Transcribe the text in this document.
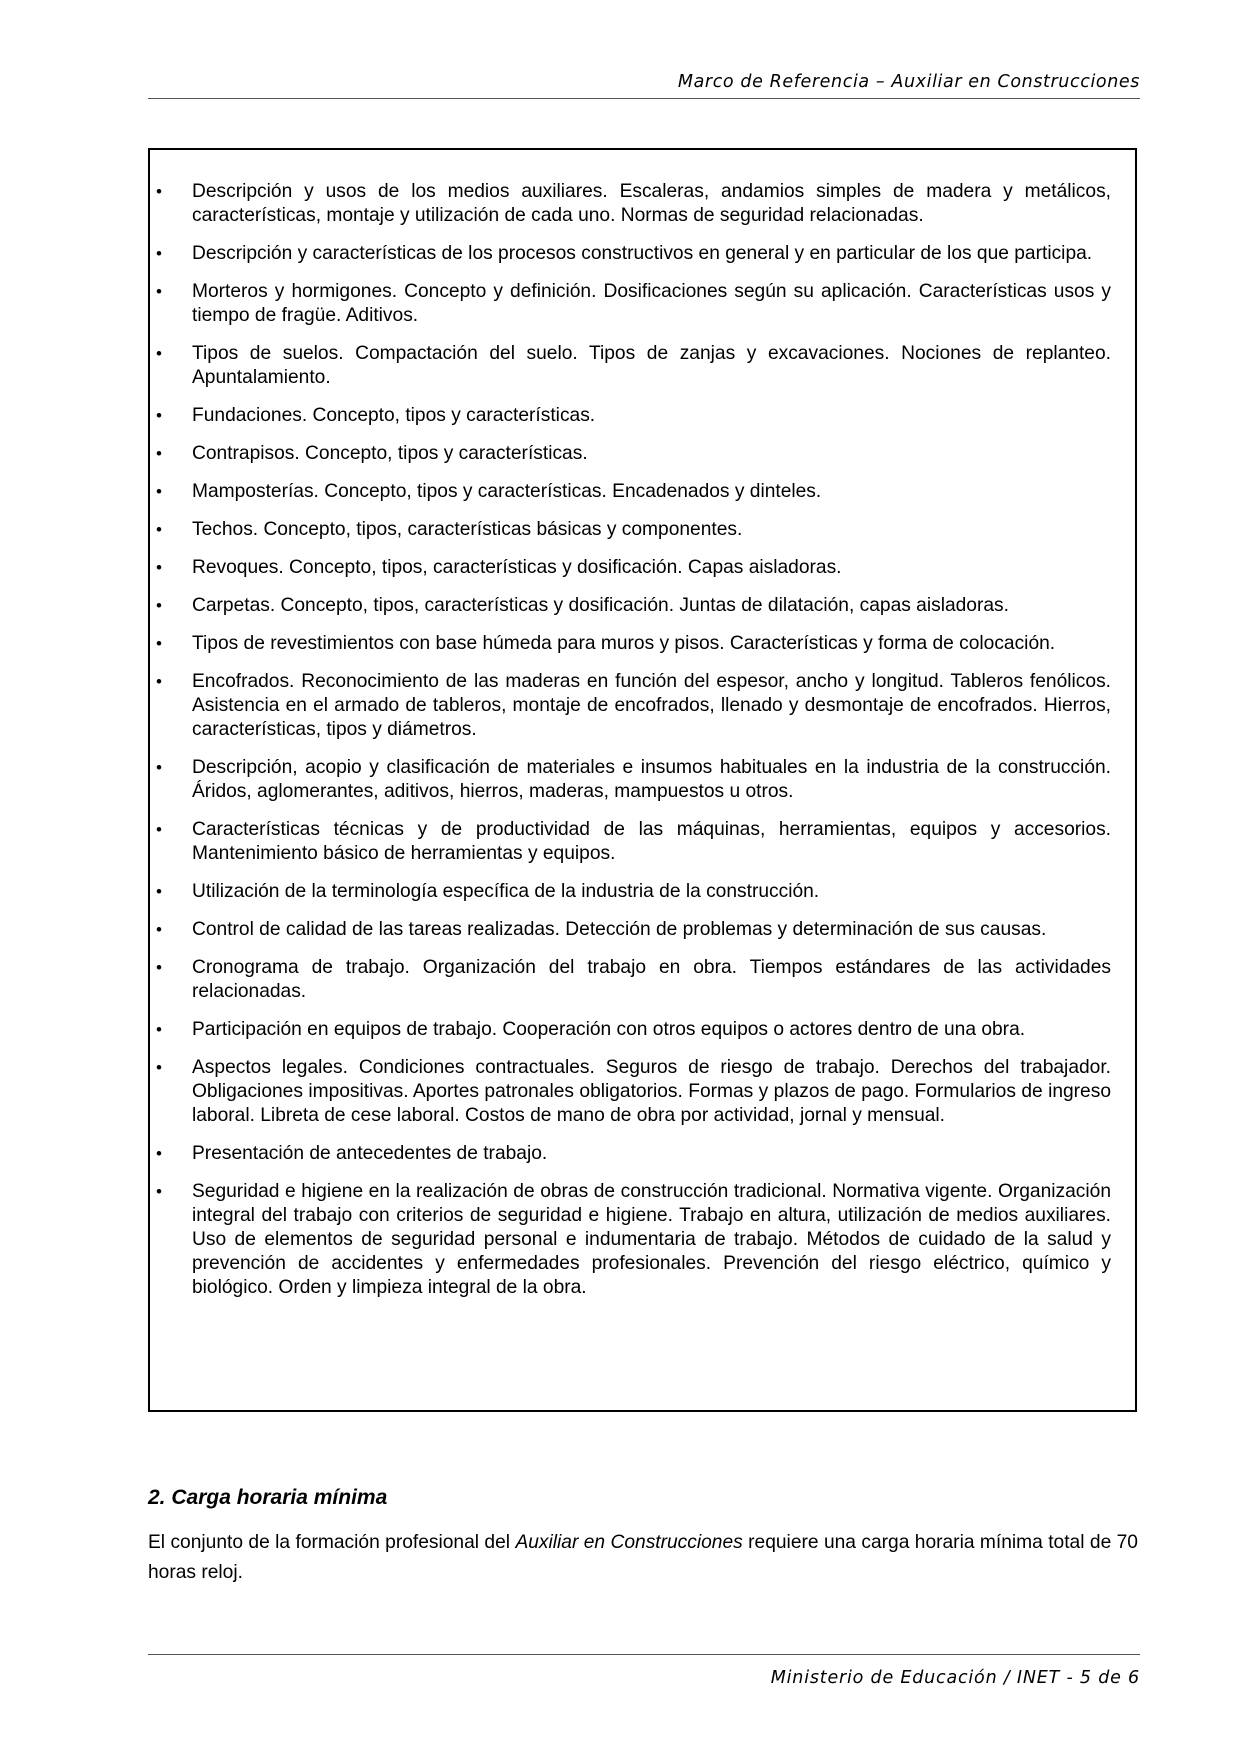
Marco de Referencia – Auxiliar en Construcciones
• Descripción y usos de los medios auxiliares. Escaleras, andamios simples de madera y metálicos, características, montaje y utilización de cada uno. Normas de seguridad relacionadas.
• Descripción y características de los procesos constructivos en general y en particular de los que participa.
• Morteros y hormigones. Concepto y definición. Dosificaciones según su aplicación. Características usos y tiempo de fragüe. Aditivos.
• Tipos de suelos. Compactación del suelo. Tipos de zanjas y excavaciones. Nociones de replanteo. Apuntalamiento.
• Fundaciones. Concepto, tipos y características.
• Contrapisos. Concepto, tipos y características.
• Mamposterías. Concepto, tipos y características. Encadenados y dinteles.
• Techos. Concepto, tipos, características básicas y componentes.
• Revoques. Concepto, tipos, características y dosificación. Capas aisladoras.
• Carpetas. Concepto, tipos, características y dosificación. Juntas de dilatación, capas aisladoras.
• Tipos de revestimientos con base húmeda para muros y pisos. Características y forma de colocación.
• Encofrados. Reconocimiento de las maderas en función del espesor, ancho y longitud. Tableros fenólicos. Asistencia en el armado de tableros, montaje de encofrados, llenado y desmontaje de encofrados. Hierros, características, tipos y diámetros.
• Descripción, acopio y clasificación de materiales e insumos habituales en la industria de la construcción. Áridos, aglomerantes, aditivos, hierros, maderas, mampuestos u otros.
• Características técnicas y de productividad de las máquinas, herramientas, equipos y accesorios. Mantenimiento básico de herramientas y equipos.
• Utilización de la terminología específica de la industria de la construcción.
• Control de calidad de las tareas realizadas. Detección de problemas y determinación de sus causas.
• Cronograma de trabajo. Organización del trabajo en obra. Tiempos estándares de las actividades relacionadas.
• Participación en equipos de trabajo. Cooperación con otros equipos o actores dentro de una obra.
• Aspectos legales. Condiciones contractuales. Seguros de riesgo de trabajo. Derechos del trabajador. Obligaciones impositivas. Aportes patronales obligatorios. Formas y plazos de pago. Formularios de ingreso laboral. Libreta de cese laboral. Costos de mano de obra por actividad, jornal y mensual.
• Presentación de antecedentes de trabajo.
• Seguridad e higiene en la realización de obras de construcción tradicional. Normativa vigente. Organización integral del trabajo con criterios de seguridad e higiene. Trabajo en altura, utilización de medios auxiliares. Uso de elementos de seguridad personal e indumentaria de trabajo. Métodos de cuidado de la salud y prevención de accidentes y enfermedades profesionales. Prevención del riesgo eléctrico, químico y biológico. Orden y limpieza integral de la obra.
2. Carga horaria mínima

El conjunto de la formación profesional del Auxiliar en Construcciones requiere una carga horaria mínima total de 70 horas reloj.

Ministerio de Educación / INET - 5 de 6
